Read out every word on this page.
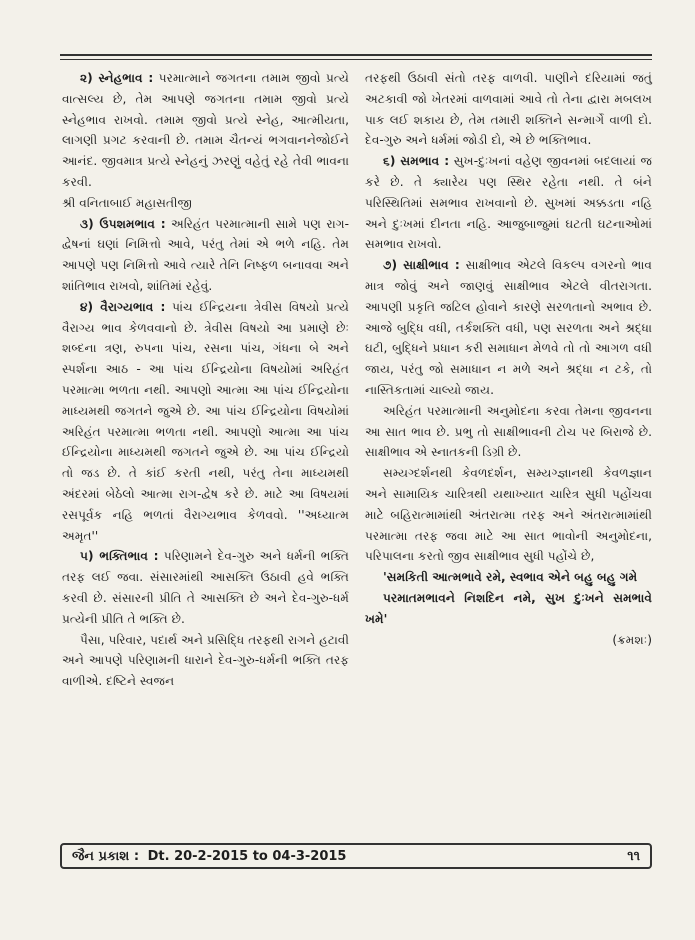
૨) સ્નેહભાવ : પરમાત્માને જગતના તમામ જીવો પ્રત્યે વાત્સલ્ય છે, તેમ આપણે જગતના તમામ જીવો પ્રત્યે સ્નેહભાવ રાખવો. તમામ જીવો પ્રત્યે સ્નેહ, આત્મીયતા, લાગણી પ્રગટ કરવાની છે. તમામ ચૈતન્યં ભગવાનનેજોઈને આનંદ. જીવમાત્ર પ્રત્યે સ્નેહનું ઝરણું વહેતું રહે તેવી ભાવના કરવી.

શ્રી વનિતાબાઈ મહાસતીજી

૩) ઉપશમભાવ : અરિહંત પરમાત્માની સામે પણ રાગ-દ્વેષનાં ઘણાં નિમિત્તો આવે, પરંતુ તેમાં એ ભળે નહિ. તેમ આપણે પણ નિમિત્તો આવે ત્યારે તેનિ નિષ્ફળ બનાવવા અને શાંતિભાવ રાખવો, શાંતિમાં રહેવું.

૪) વૈરાગ્યભાવ : પાંચ ઈન્દ્રિયના ત્રેવીસ વિષયો પ્રત્યે વૈરાગ્ય ભાવ કેળવવાનો છે. ત્રેવીસ વિષયો આ પ્રમાણે છેઃ શબ્દના ત્રણ, રુપના પાંચ, રસના પાંચ, ગંધના બે અને સ્પર્શના આઠ - આ પાંચ ઈન્દ્રિયોના વિષયોમાં અરિહંત પરમાત્મા ભળતા નથી. આપણો આત્મા આ પાંચ ઈન્દ્રિયોના માધ્યમથી જગતને જુએ છે. આ પાંચ ઈન્દ્રિયોના વિષયોમાં અરિહંત પરમાત્મા ભળતા નથી. આપણો આત્મા આ પાંચ ઈન્દ્રિયોના માધ્યમથી જગતને જુએ છે. આ પાંચ ઈન્દ્રિયો તો જડ છે. તે કાંઈ કરતી નથી, પરંતુ તેના માધ્યમથી અંદરમાં બેઠેલો આત્મા રાગ-દ્વેષ કરે છે. માટે આ વિષયમાં રસપૂર્વક નહિ ભળતાં વૈરાગ્યભાવ કેળવવો. ''અધ્યાત્મ અમૃત''

૫) ભક્તિભાવ : પરિણામને દેવ-ગુરુ અને ધર્મની ભક્તિ તરફ લઈ જવા. સંસારમાંથી આસક્તિ ઉઠાવી હવે ભક્તિ કરવી છે. સંસારની પ્રીતિ તે આસક્તિ છે અને દેવ-ગુરુ-ધર્મ પ્રત્યેની પ્રીતિ તે ભક્તિ છે.

પૈસા, પરિવાર, પદાર્થ અને પ્રસિદ્ધિ તરફથી રાગને હટાવી અને આપણે પરિણામની ધારાને દેવ-ગુરુ-ધર્મની ભક્તિ તરફ વાળીએ. દષ્ટિને સ્વજન

તરફથી ઉઠાવી સંતો તરફ વાળવી. પાણીને દરિયામાં જતું અટકાવી જો ખેતરમાં વાળવામાં આવે તો તેના દ્વારા મબલખ પાક લઈ શકાય છે, તેમ તમારી શક્તિને સન્માર્ગે વાળી દો. દેવ-ગુરુ અને ધર્મમાં જોડી દો, એ છે ભક્તિભાવ.

૬) સમભાવ : સુખ-દુઃખનાં વહેણ જીવનમાં બદલાયાં જ કરે છે. તે ક્યારેય પણ સ્થિર રહેતા નથી. તે બંને પરિસ્થિતિમાં સમભાવ રાખવાનો છે. સુખમાં અક્કડતા નહિ અને દુઃખમાં દીનતા નહિ. આજુબાજુમાં ઘટતી ઘટનાઓમાં સમભાવ રાખવો.

૭) સાક્ષીભાવ : સાક્ષીભાવ એટલે વિકલ્પ વગરનો ભાવ માત્ર જોવું અને જાણવું સાક્ષીભાવ એટલે વીતરાગતા. આપણી પ્રકૃતિ જટિલ હોવાને કારણે સરળતાનો અભાવ છે. આજે બુદ્ધિ વધી, તર્કશક્તિ વધી, પણ સરળતા અને શ્રદ્ધા ઘટી, બુદ્ધિને પ્રધાન કરી સમાધાન મેળવે તો તો આગળ વધી જાય, પરંતુ જો સમાધાન ન મળે અને શ્રદ્ધા ન ટકે, તો નાસ્તિકતામાં ચાલ્યો જાય.

અરિહંત પરમાત્માની અનુમોદના કરવા તેમના જીવનના આ સાત ભાવ છે. પ્રભુ તો સાક્ષીભાવની ટોચ પર બિરાજે છે. સાક્ષીભાવ એ સ્નાતકની ડિગ્રી છે.

સમ્યગ્દર્શનથી કેવળદર્શન, સમ્યગ્જ્ઞાનથી કેવળજ્ઞાન અને સામાયિક ચારિત્રથી યથાખ્યાત ચારિત્ર સુધી પહોંચવા માટે બહિરાત્મામાંથી અંતરાત્મા તરફ અને અંતરાત્મામાંથી પરમાત્મા તરફ જવા માટે આ સાત ભાવોની અનુમોદના, પરિપાલના કરતો જીવ સાક્ષીભાવ સુધી પહોંચે છે,

'સમકિતી આત્મભાવે રમે, સ્વભાવ એને બહુ બહુ ગમે

પરમાતમભાવને નિશદિન નમે, સુખ દુઃખને સમભાવે ખમે'

(ક્રમશઃ)
જૈન પ્રકાશ : Dt. 20-2-2015 to 04-3-2015	૧૧
